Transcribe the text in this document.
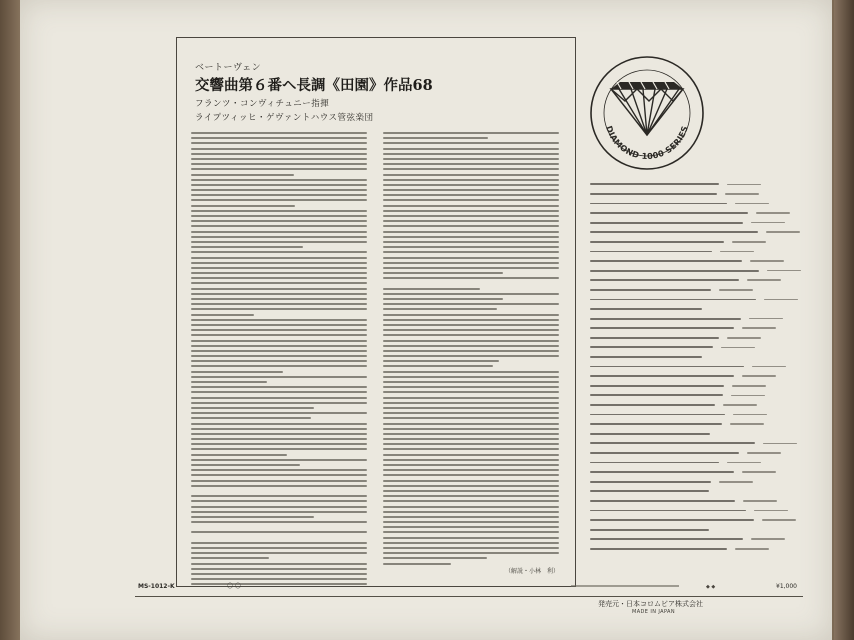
ベートーヴェン
交響曲第６番ヘ長調《田園》作品68
フランツ・コンヴィチュニー指揮
ライプツィッヒ・ゲヴァントハウス管弦楽団
（解説・小林　利）
DIAMOND 1000 SERIES
MS-1012-K	◯ ◯	◆ ◆	¥1,000
発売元・日本コロムビア株式会社
MADE IN JAPAN
